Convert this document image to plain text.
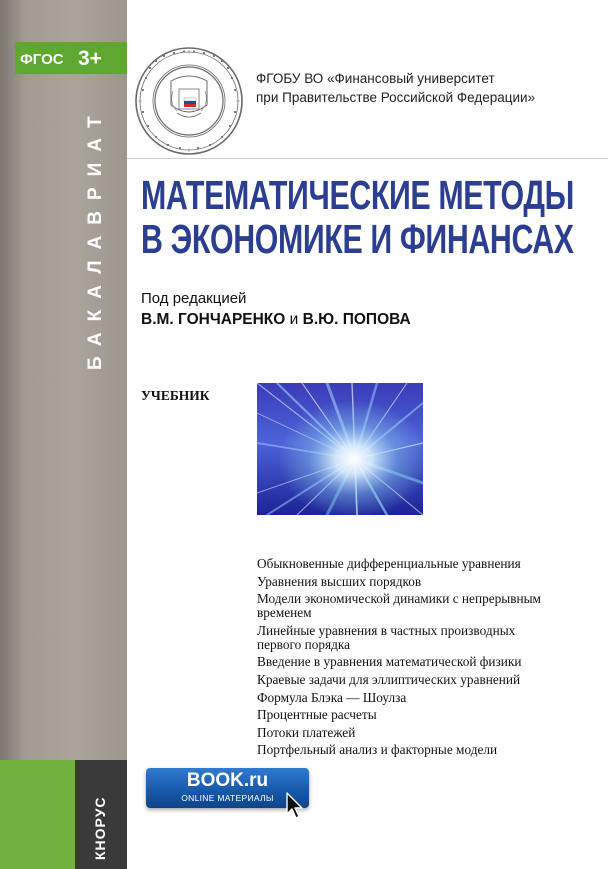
ФГОС 3+
БАКАЛАВРИАТ
КНОРУС
ФГОБУ ВО «Финансовый университет
при Правительстве Российской Федерации»
МАТЕМАТИЧЕСКИЕ МЕТОДЫ
В ЭКОНОМИКЕ И ФИНАНСАХ
Под редакцией
В.М. ГОНЧАРЕНКО и В.Ю. ПОПОВА
УЧЕБНИК
Обыкновенные дифференциальные уравнения
Уравнения высших порядков
Модели экономической динамики с непрерывным временем
Линейные уравнения в частных производных первого порядка
Введение в уравнения математической физики
Краевые задачи для эллиптических уравнений
Формула Блэка — Шоулза
Процентные расчеты
Потоки платежей
Портфельный анализ и факторные модели
BOOK.ru
ONLINE МАТЕРИАЛЫ
